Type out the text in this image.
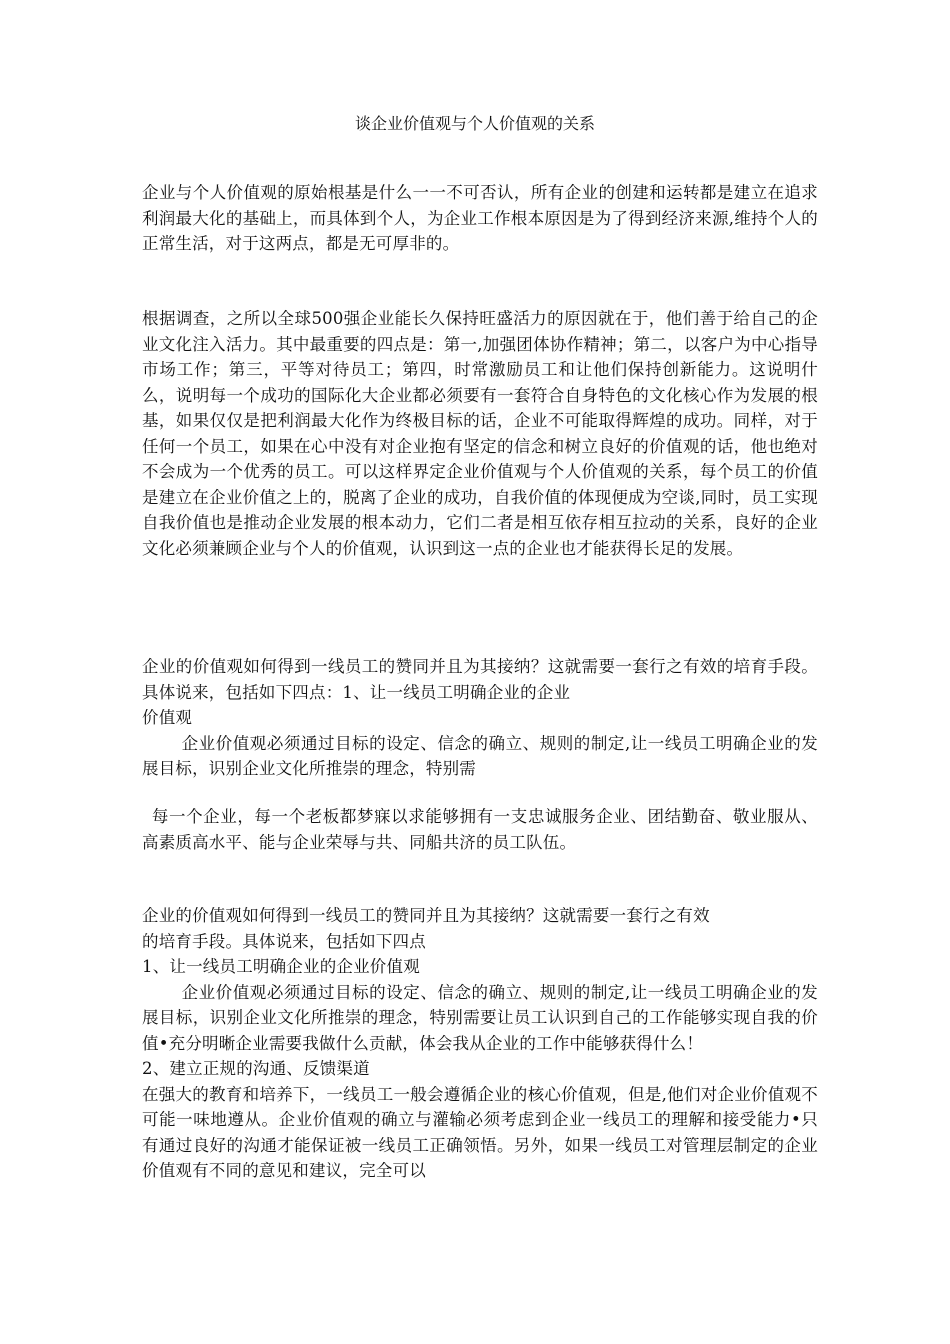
谈企业价值观与个人价值观的关系

企业与个人价值观的原始根基是什么一一不可否认，所有企业的创建和运转都是建立在追求利润最大化的基础上，而具体到个人，为企业工作根本原因是为了得到经济来源,维持个人的正常生活，对于这两点，都是无可厚非的。

根据调查，之所以全球500强企业能长久保持旺盛活力的原因就在于，他们善于给自己的企业文化注入活力。其中最重要的四点是：第一,加强团体协作精神；第二，以客户为中心指导市场工作；第三，平等对待员工；第四，时常激励员工和让他们保持创新能力。这说明什么，说明每一个成功的国际化大企业都必须要有一套符合自身特色的文化核心作为发展的根基，如果仅仅是把利润最大化作为终极目标的话，企业不可能取得辉煌的成功。同样，对于任何一个员工，如果在心中没有对企业抱有坚定的信念和树立良好的价值观的话，他也绝对不会成为一个优秀的员工。可以这样界定企业价值观与个人价值观的关系，每个员工的价值是建立在企业价值之上的，脱离了企业的成功，自我价值的体现便成为空谈,同时，员工实现自我价值也是推动企业发展的根本动力，它们二者是相互依存相互拉动的关系，良好的企业文化必须兼顾企业与个人的价值观，认识到这一点的企业也才能获得长足的发展。

企业的价值观如何得到一线员工的赞同并且为其接纳？这就需要一套行之有效的培育手段。具体说来，包括如下四点：1、让一线员工明确企业的企业

价值观

企业价值观必须通过目标的设定、信念的确立、规则的制定,让一线员工明确企业的发展目标，识别企业文化所推崇的理念，特别需

每一个企业，每一个老板都梦寐以求能够拥有一支忠诚服务企业、团结勤奋、敬业服从、高素质高水平、能与企业荣辱与共、同船共济的员工队伍。

企业的价值观如何得到一线员工的赞同并且为其接纳？这就需要一套行之有效

的培育手段。具体说来，包括如下四点

1、让一线员工明确企业的企业价值观

企业价值观必须通过目标的设定、信念的确立、规则的制定,让一线员工明确企业的发展目标，识别企业文化所推崇的理念，特别需要让员工认识到自己的工作能够实现自我的价值•充分明晰企业需要我做什么贡献，体会我从企业的工作中能够获得什么！

2、建立正规的沟通、反馈渠道

在强大的教育和培养下，一线员工一般会遵循企业的核心价值观，但是,他们对企业价值观不可能一味地遵从。企业价值观的确立与灌输必须考虑到企业一线员工的理解和接受能力•只有通过良好的沟通才能保证被一线员工正确领悟。另外，如果一线员工对管理层制定的企业价值观有不同的意见和建议，完全可以
